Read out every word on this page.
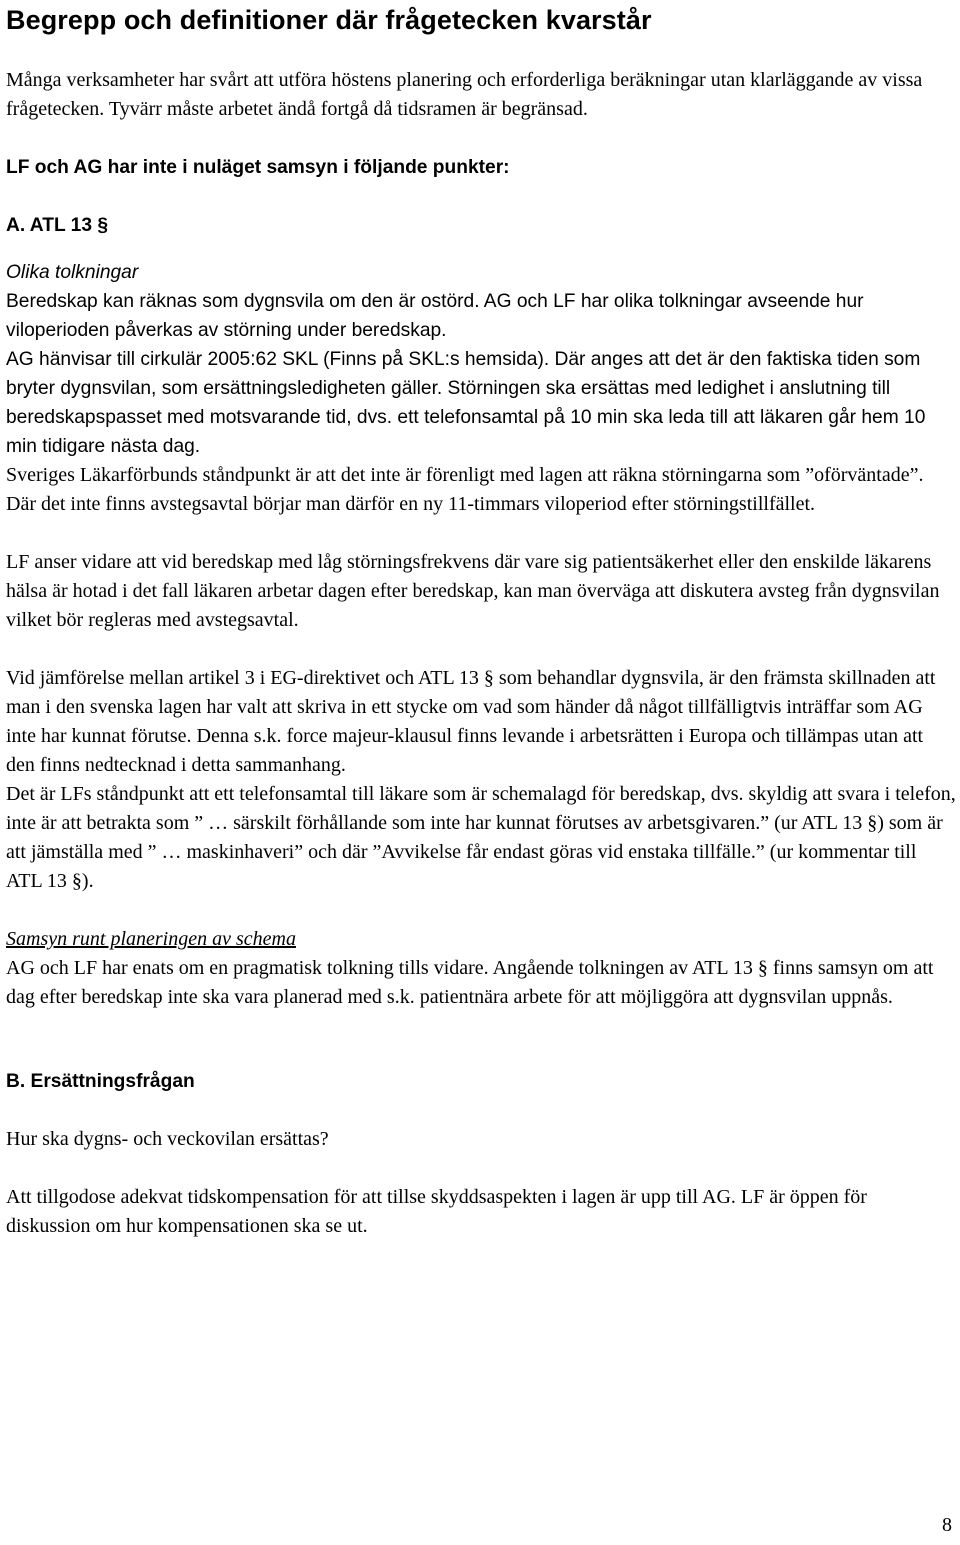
Begrepp och definitioner där frågetecken kvarstår

Många verksamheter har svårt att utföra höstens planering och erforderliga beräkningar utan klarläggande av vissa frågetecken. Tyvärr måste arbetet ändå fortgå då tidsramen är begränsad.

LF och AG har inte i nuläget samsyn i följande punkter:

A. ATL 13 §

Olika tolkningar

Beredskap kan räknas som dygnsvila om den är ostörd. AG och LF har olika tolkningar avseende hur viloperioden påverkas av störning under beredskap.

AG hänvisar till cirkulär 2005:62 SKL (Finns på SKL:s hemsida). Där anges att det är den faktiska tiden som bryter dygnsvilan, som ersättningsledigheten gäller. Störningen ska ersättas med ledighet i anslutning till beredskapspasset med motsvarande tid, dvs. ett telefonsamtal på 10 min ska leda till att läkaren går hem 10 min tidigare nästa dag.

Sveriges Läkarförbunds ståndpunkt är att det inte är förenligt med lagen att räkna störningarna som ”oförväntade”. Där det inte finns avstegsavtal börjar man därför en ny 11-timmars viloperiod efter störningstillfället.

LF anser vidare att vid beredskap med låg störningsfrekvens där vare sig patientsäkerhet eller den enskilde läkarens hälsa är hotad i det fall läkaren arbetar dagen efter beredskap, kan man överväga att diskutera avsteg från dygnsvilan vilket bör regleras med avstegsavtal.

Vid jämförelse mellan artikel 3 i EG-direktivet och ATL 13 § som behandlar dygnsvila, är den främsta skillnaden att man i den svenska lagen har valt att skriva in ett stycke om vad som händer då något tillfälligtvis inträffar som AG inte har kunnat förutse. Denna s.k. force majeur-klausul finns levande i arbetsrätten i Europa och tillämpas utan att den finns nedtecknad i detta sammanhang.

Det är LFs ståndpunkt att ett telefonsamtal till läkare som är schemalagd för beredskap, dvs. skyldig att svara i telefon, inte är att betrakta som ” … särskilt förhållande som inte har kunnat förutses av arbetsgivaren.” (ur ATL 13 §) som är att jämställa med ” … maskinhaveri” och där ”Avvikelse får endast göras vid enstaka tillfälle.” (ur kommentar till ATL 13 §).

Samsyn runt planeringen av schema

AG och LF har enats om en pragmatisk tolkning tills vidare. Angående tolkningen av ATL 13 § finns samsyn om att dag efter beredskap inte ska vara planerad med s.k. patientnära arbete för att möjliggöra att dygnsvilan uppnås.

B. Ersättningsfrågan

Hur ska dygns- och veckovilan ersättas?

Att tillgodose adekvat tidskompensation för att tillse skyddsaspekten i lagen är upp till AG. LF är öppen för diskussion om hur kompensationen ska se ut.

8
